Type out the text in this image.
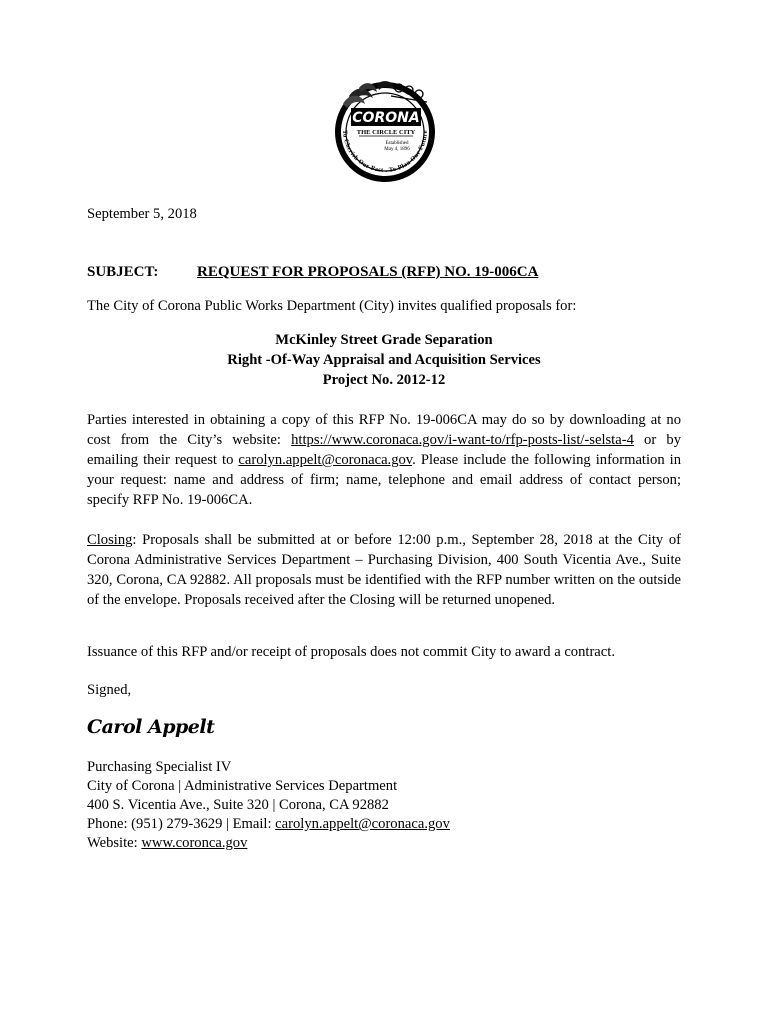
CORONA
THE CIRCLE CITY
Established
May 4, 1896
To Cherish Our Past . To Plan Our Future

September 5, 2018

SUBJECT:	REQUEST FOR PROPOSALS (RFP) NO. 19-006CA

The City of Corona Public Works Department (City) invites qualified proposals for:

McKinley Street Grade Separation
Right -Of-Way Appraisal and Acquisition Services
Project No. 2012-12

Parties interested in obtaining a copy of this RFP No. 19-006CA may do so by downloading at no cost from the City’s website: https://www.coronaca.gov/i-want-to/rfp-posts-list/-selsta-4 or by emailing their request to carolyn.appelt@coronaca.gov. Please include the following information in your request: name and address of firm; name, telephone and email address of contact person; specify RFP No. 19-006CA.

Closing: Proposals shall be submitted at or before 12:00 p.m., September 28, 2018 at the City of Corona Administrative Services Department – Purchasing Division, 400 South Vicentia Ave., Suite 320, Corona, CA 92882. All proposals must be identified with the RFP number written on the outside of the envelope. Proposals received after the Closing will be returned unopened.

Issuance of this RFP and/or receipt of proposals does not commit City to award a contract.

Signed,

Carol Appelt
Purchasing Specialist IV
City of Corona | Administrative Services Department
400 S. Vicentia Ave., Suite 320 | Corona, CA 92882
Phone: (951) 279-3629 | Email: carolyn.appelt@coronaca.gov
Website: www.coronca.gov
